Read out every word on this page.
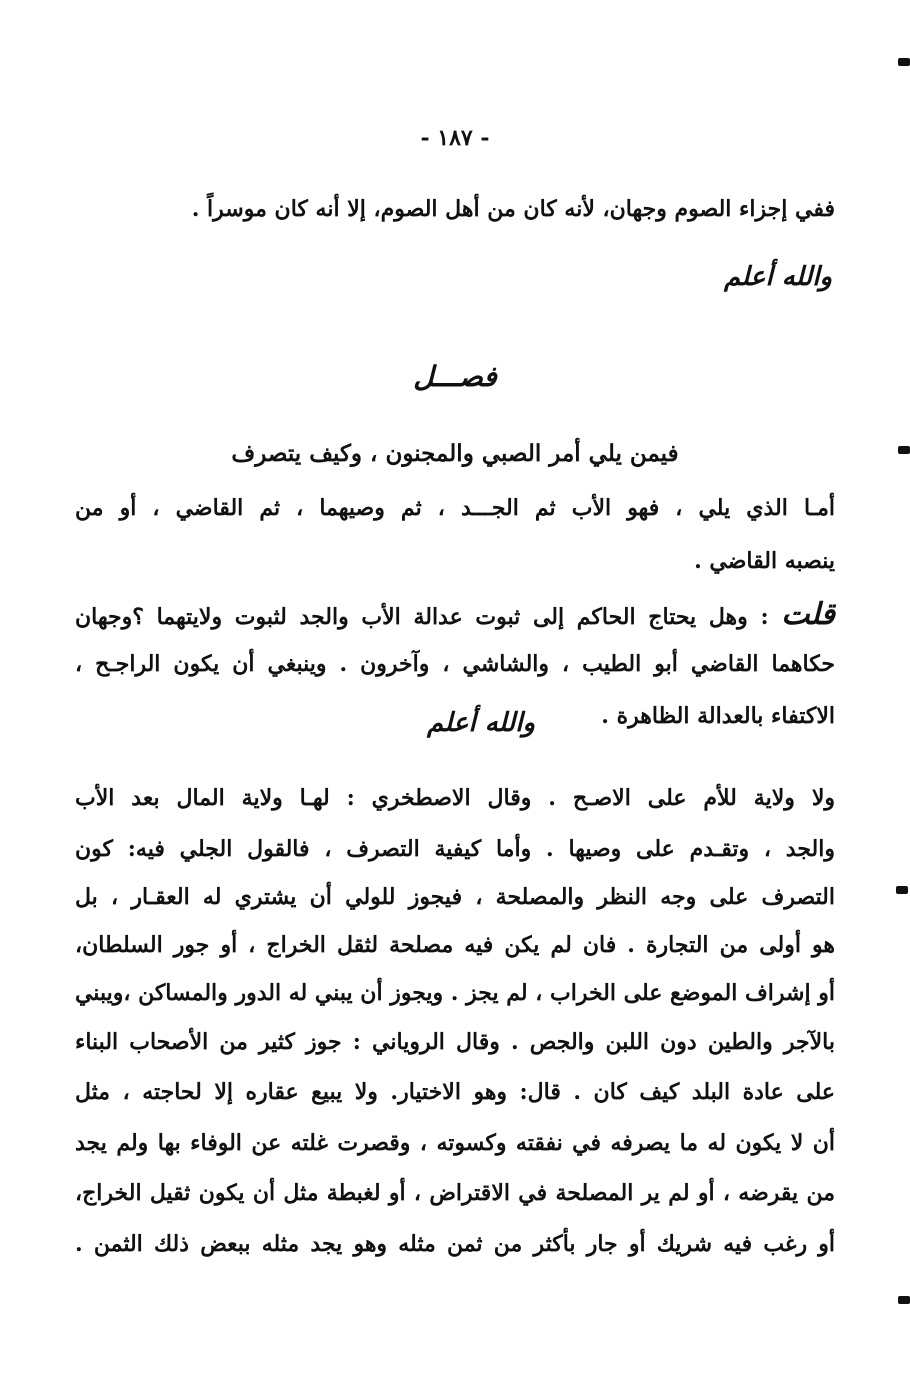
- ١٨٧ -
ففي إجزاء الصوم وجهان، لأنه كان من أهل الصوم، إلا أنه كان موسراً .
والله أعلم
فصـــل
فيمن يلي أمر الصبي والمجنون ، وكيف يتصرف
أمـا الذي يلي ، فهو الأب ثم الجـــد ، ثم وصيهما ، ثم القاضي ، أو من
ينصبه القاضي .
قلت : وهل يحتاج الحاكم إلى ثبوت عدالة الأب والجد لثبوت ولايتهما ؟وجهان
حكاهما القاضي أبو الطيب ، والشاشي ، وآخرون . وينبغي أن يكون الراجـح ،
الاكتفاء بالعدالة الظاهرة .
والله أعلم
ولا ولاية للأم على الاصـح . وقال الاصطخري : لهـا ولاية المال بعد الأب
والجد ، وتقـدم على وصيها . وأما كيفية التصرف ، فالقول الجلي فيه: كون
التصرف على وجه النظر والمصلحة ، فيجوز للولي أن يشتري له العقـار ، بل
هو أولى من التجارة . فان لم يكن فيه مصلحة لثقل الخراج ، أو جور السلطان،
أو إشراف الموضع على الخراب ، لم يجز . ويجوز أن يبني له الدور والمساكن ،ويبني
بالآجر والطين دون اللبن والجص . وقال الروياني : جوز كثير من الأصحاب البناء
على عادة البلد كيف كان . قال: وهو الاختيار. ولا يبيع عقاره إلا لحاجته ، مثل
أن لا يكون له ما يصرفه في نفقته وكسوته ، وقصرت غلته عن الوفاء بها ولم يجد
من يقرضه ، أو لم ير المصلحة في الاقتراض ، أو لغبطة مثل أن يكون ثقيل الخراج،
أو رغب فيه شريك أو جار بأكثر من ثمن مثله وهو يجد مثله ببعض ذلك الثمن .
